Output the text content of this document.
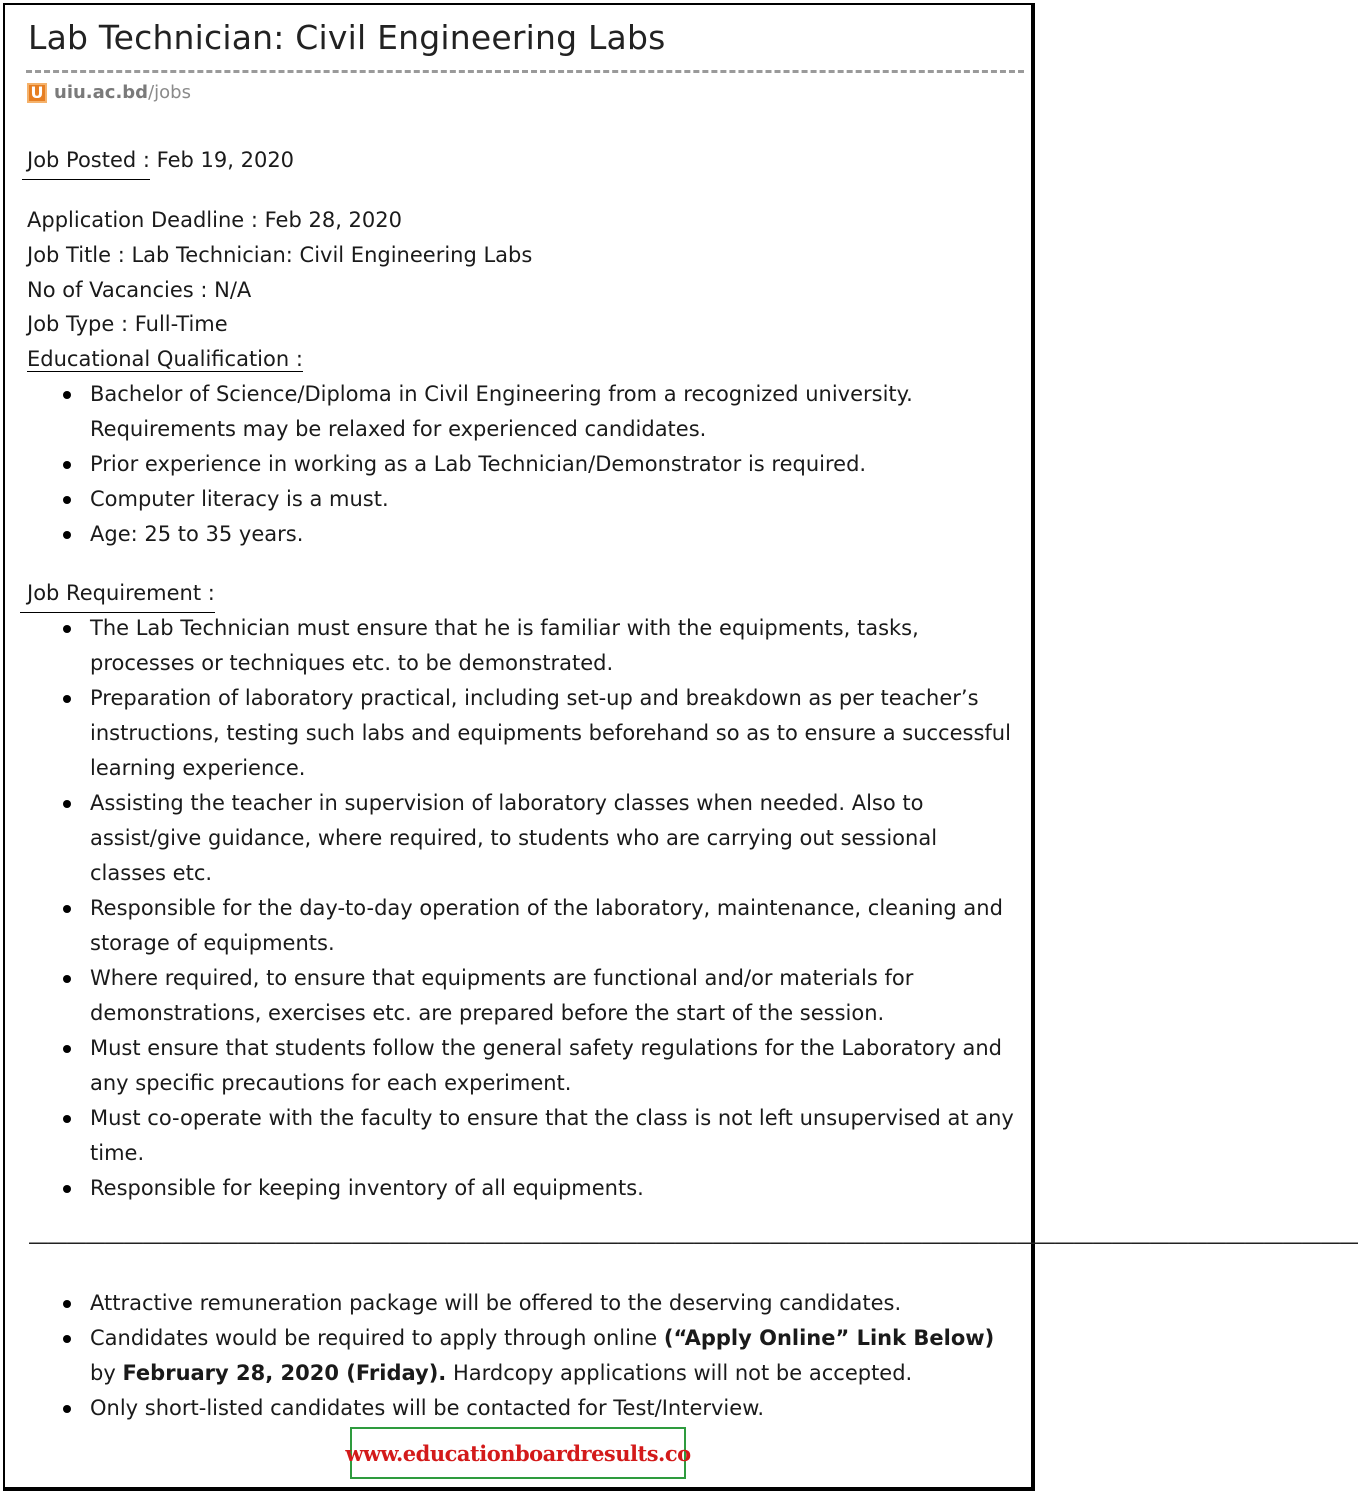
Lab Technician: Civil Engineering Labs
U uiu.ac.bd /jobs
Job Posted : Feb 19, 2020
Application Deadline : Feb 28, 2020
Job Title : Lab Technician: Civil Engineering Labs
No of Vacancies : N/A
Job Type : Full-Time
Educational Qualification :
Bachelor of Science/Diploma in Civil Engineering from a recognized university. Requirements may be relaxed for experienced candidates.
Prior experience in working as a Lab Technician/Demonstrator is required.
Computer literacy is a must.
Age: 25 to 35 years.
Job Requirement :
The Lab Technician must ensure that he is familiar with the equipments, tasks, processes or techniques etc. to be demonstrated.
Preparation of laboratory practical, including set-up and breakdown as per teacher’s instructions, testing such labs and equipments beforehand so as to ensure a successful learning experience.
Assisting the teacher in supervision of laboratory classes when needed. Also to assist/give guidance, where required, to students who are carrying out sessional classes etc.
Responsible for the day-to-day operation of the laboratory, maintenance, cleaning and storage of equipments.
Where required, to ensure that equipments are functional and/or materials for demonstrations, exercises etc. are prepared before the start of the session.
Must ensure that students follow the general safety regulations for the Laboratory and any specific precautions for each experiment.
Must co-operate with the faculty to ensure that the class is not left unsupervised at any time.
Responsible for keeping inventory of all equipments.
——————————————————————————————————————————————————————————————————————
Attractive remuneration package will be offered to the deserving candidates.
Candidates would be required to apply through online (“Apply Online” Link Below) by February 28, 2020 (Friday). Hardcopy applications will not be accepted.
Only short-listed candidates will be contacted for Test/Interview.
www.educationboardresults.co
